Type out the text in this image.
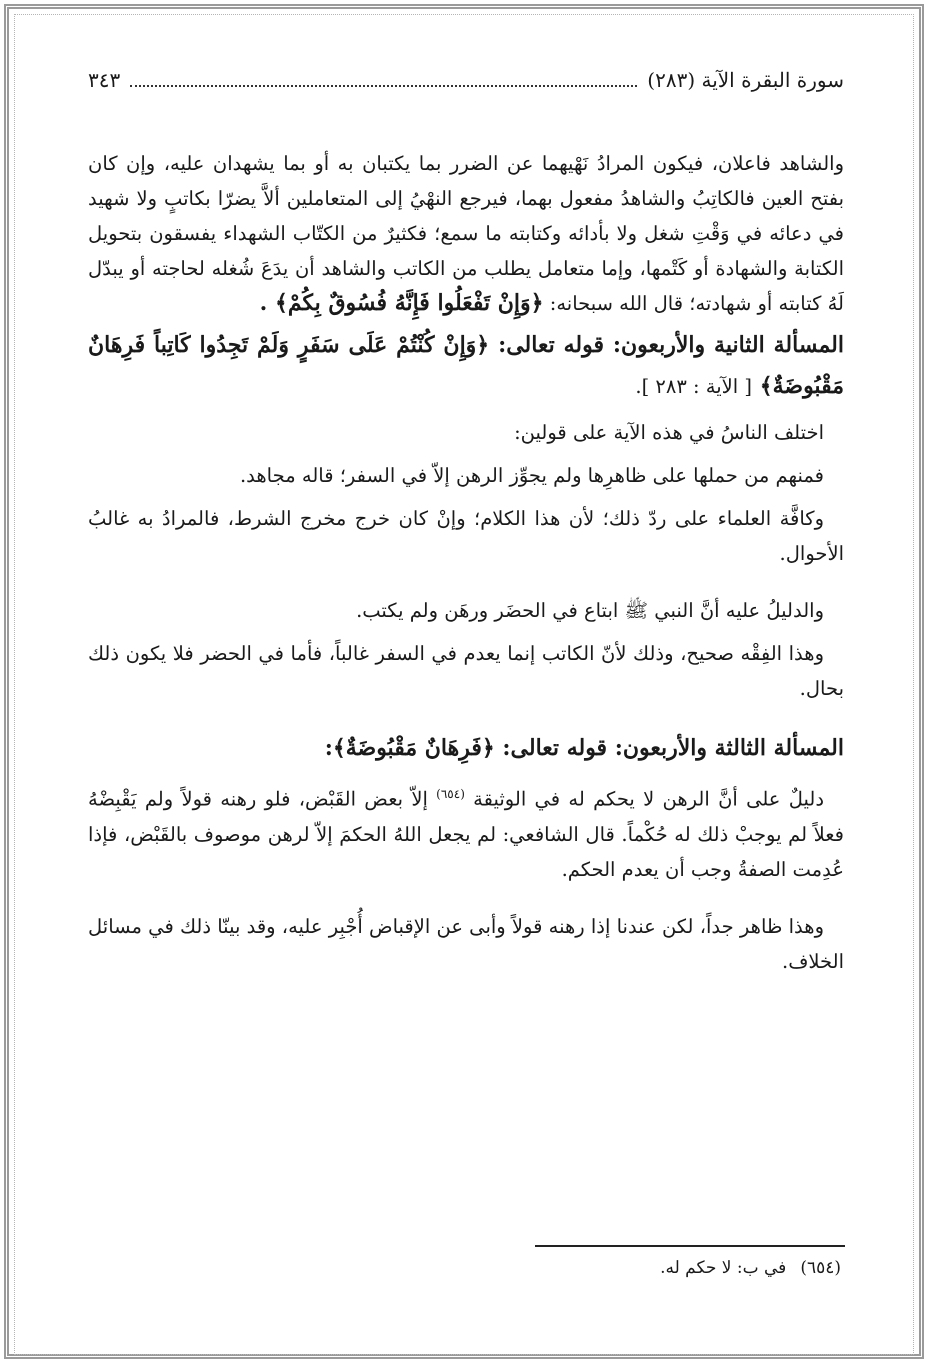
سورة البقرة الآية (٢٨٣)
٣٤٣

والشاهد فاعلان، فيكون المرادُ نَهْيهما عن الضرر بما يكتبان به أو بما يشهدان عليه، وإن كان بفتح العين فالكاتِبُ والشاهدُ مفعول بهما، فيرجع النهْيُ إلى المتعاملين ألاَّ يضرّا بكاتبٍ ولا شهيد في دعائه في وَقْتِ شغل ولا بأدائه وكتابته ما سمع؛ فكثيرٌ من الكتّاب الشهداء يفسقون بتحويل الكتابة والشهادة أو كَتْمها، وإما متعامل يطلب من الكاتب والشاهد أن يدَعَ شُغله لحاجته أو يبدّل لَهُ كتابته أو شهادته؛ قال الله سبحانه: ﴿وَإِنْ تَفْعَلُوا فَإِنَّهُ فُسُوقٌ بِكُمْ﴾ .

المسألة الثانية والأربعون: قوله تعالى: ﴿وَإِنْ كُنْتُمْ عَلَى سَفَرٍ وَلَمْ تَجِدُوا كَاتِباً فَرِهَانٌ مَقْبُوضَةٌ﴾ [ الآية : ٢٨٣ ].

اختلف الناسُ في هذه الآية على قولين:

فمنهم من حملها على ظاهرِها ولم يجوِّز الرهن إلاّ في السفر؛ قاله مجاهد.

وكافَّة العلماء على ردّ ذلك؛ لأن هذا الكلام؛ وإنْ كان خرج مخرج الشرط، فالمرادُ به غالبُ الأحوال.

والدليلُ عليه أنَّ النبي ﷺ ابتاع في الحضَر ورهَن ولم يكتب.

وهذا الفِقْه صحيح، وذلك لأنّ الكاتب إنما يعدم في السفر غالباً، فأما في الحضر فلا يكون ذلك بحال.

المسألة الثالثة والأربعون: قوله تعالى: ﴿فَرِهَانٌ مَقْبُوضَةٌ﴾:

دليلٌ على أنَّ الرهن لا يحكم له في الوثيقة $^{(٦٥٤)}$ إلاّ بعض القَبْض، فلو رهنه قولاً ولم يَقْبِضْهُ فعلاً لم يوجبْ ذلك له حُكْماً. قال الشافعي: لم يجعل اللهُ الحكمَ إلاّ لرهن موصوف بالقَبْض، فإذا عُدِمت الصفةُ وجب أن يعدم الحكم.

وهذا ظاهر جداً، لكن عندنا إذا رهنه قولاً وأبى عن الإقباض أُجْبِر عليه، وقد بينّا ذلك في مسائل الخلاف.

(٦٥٤)في ب: لا حكم له.
